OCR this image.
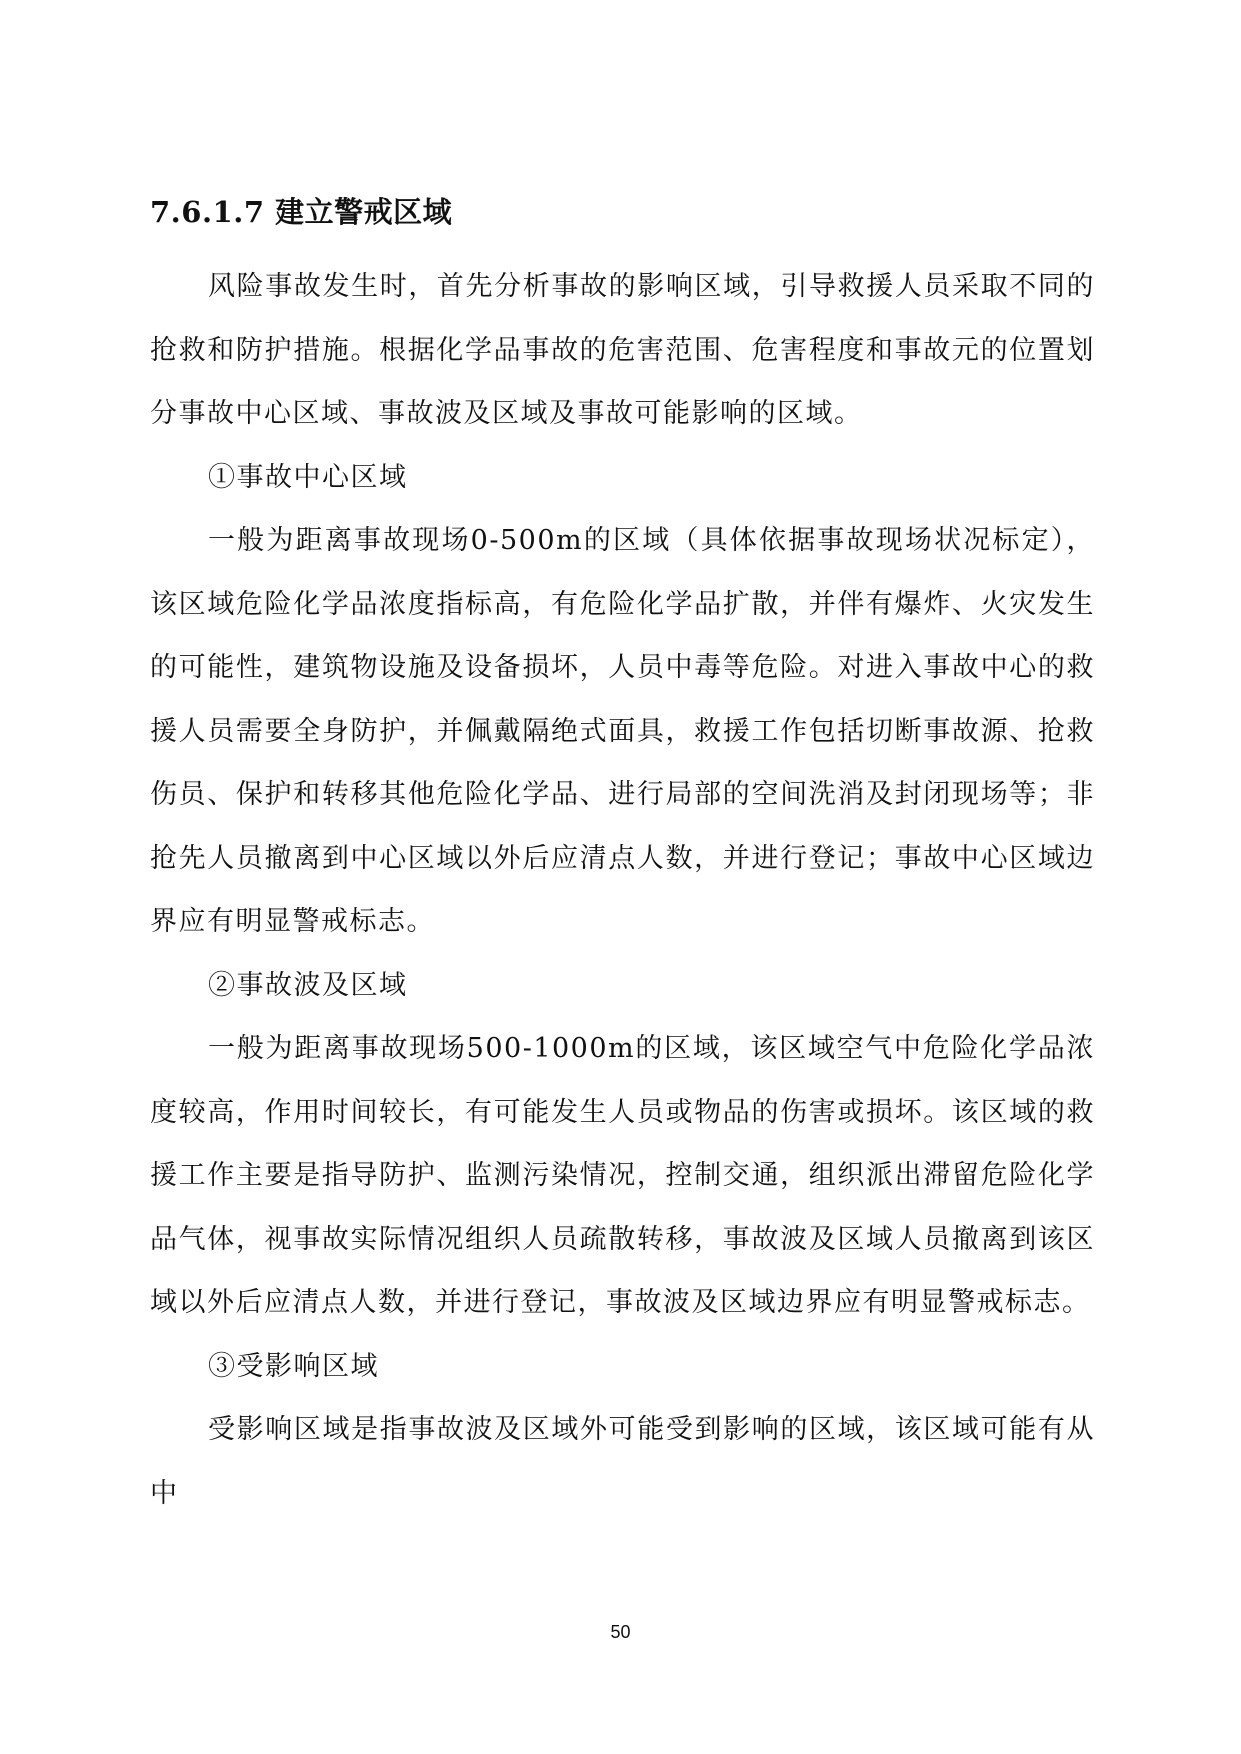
7.6.1.7 建立警戒区域

风险事故发生时，首先分析事故的影响区域，引导救援人员采取不同的抢救和防护措施。根据化学品事故的危害范围、危害程度和事故元的位置划分事故中心区域、事故波及区域及事故可能影响的区域。

①事故中心区域

一般为距离事故现场0-500m的区域（具体依据事故现场状况标定），该区域危险化学品浓度指标高，有危险化学品扩散，并伴有爆炸、火灾发生的可能性，建筑物设施及设备损坏，人员中毒等危险。对进入事故中心的救援人员需要全身防护，并佩戴隔绝式面具，救援工作包括切断事故源、抢救伤员、保护和转移其他危险化学品、进行局部的空间洗消及封闭现场等；非抢先人员撤离到中心区域以外后应清点人数，并进行登记；事故中心区域边界应有明显警戒标志。

②事故波及区域

一般为距离事故现场500-1000m的区域，该区域空气中危险化学品浓度较高，作用时间较长，有可能发生人员或物品的伤害或损坏。该区域的救援工作主要是指导防护、监测污染情况，控制交通，组织派出滞留危险化学品气体，视事故实际情况组织人员疏散转移，事故波及区域人员撤离到该区域以外后应清点人数，并进行登记，事故波及区域边界应有明显警戒标志。

③受影响区域

受影响区域是指事故波及区域外可能受到影响的区域，该区域可能有从中

50
